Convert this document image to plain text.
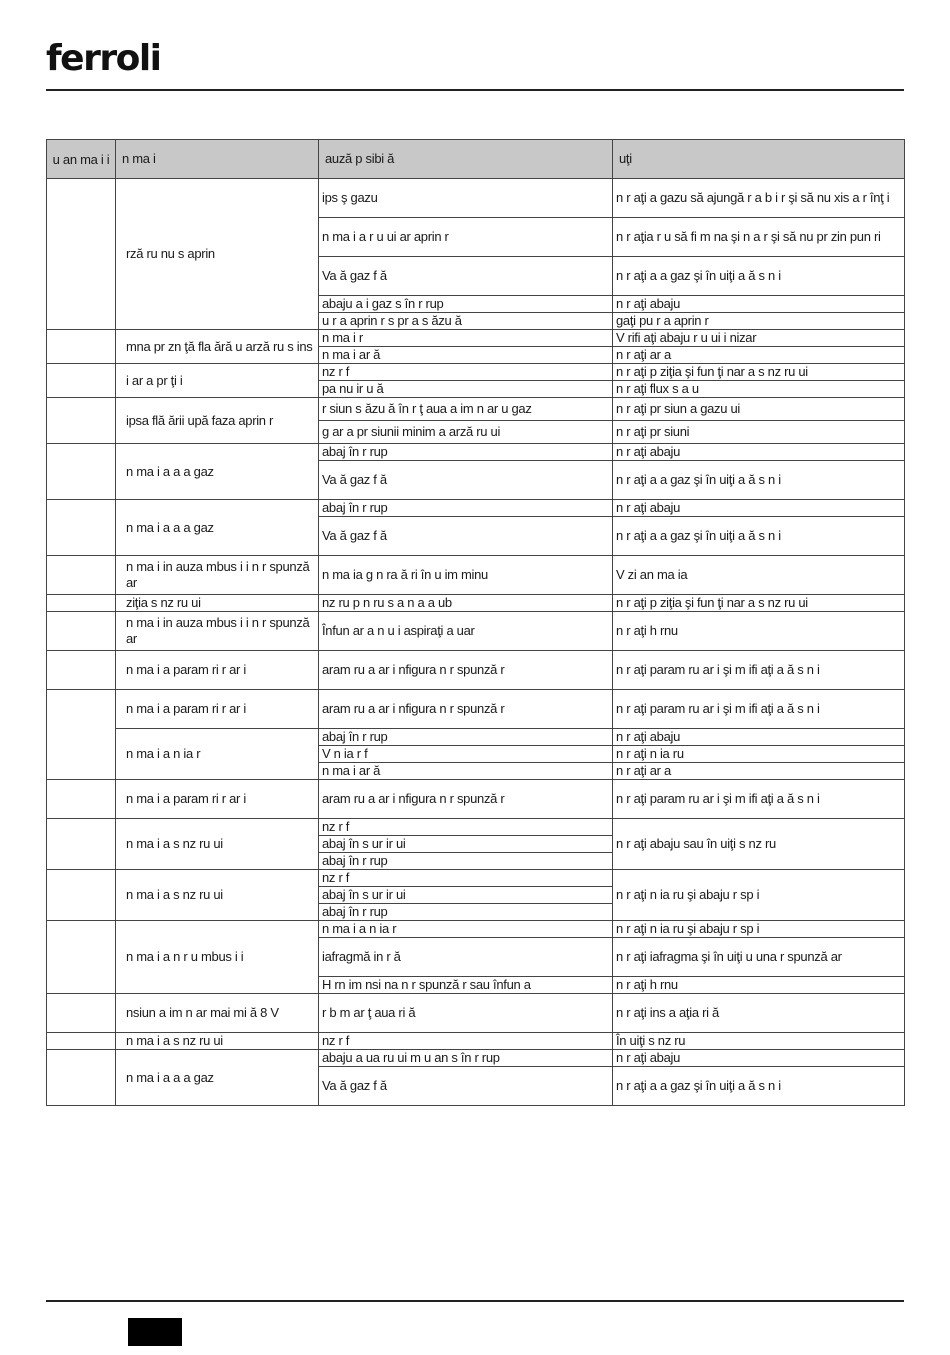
ferroli
u an ma i i	n ma i	auză p sibi ă	uţi
	rză ru nu s aprin	ips ş gazu	n r aţi a gazu să ajungă r a b i r şi să nu xis a r înţ i
		n ma i a r u ui ar aprin r	n r aţia r u să fi m na şi n a r şi să nu pr zin pun ri
		Va ă gaz f ă	n r aţi a a gaz şi în uiţi a ă s n i
		abaju a i gaz s în r rup	n r aţi abaju
		u r a aprin r s pr a s ăzu ă	gaţi pu r a aprin r
	mna pr zn ţă fla ără u arză ru s ins	n ma i r	V rifi aţi abaju r u ui i nizar
		n ma i ar ă	n r aţi ar a
	i ar a pr ţi i	nz r f	n r aţi p ziţia şi fun ţi nar a s nz ru ui
		pa nu ir u ă	n r aţi flux s a u
	ipsa flă ării upă faza aprin r	r siun s ăzu ă în r ţ aua a im n ar u gaz	n r aţi pr siun a gazu ui
		g ar a pr siunii minim a arză ru ui	n r aţi pr siuni
	n ma i a a a gaz	abaj în r rup	n r aţi abaju
		Va ă gaz f ă	n r aţi a a gaz şi în uiţi a ă s n i
	n ma i a a a gaz	abaj în r rup	n r aţi abaju
		Va ă gaz f ă	n r aţi a a gaz şi în uiţi a ă s n i
	n ma i in auza mbus i i n r spunză ar	n ma ia g n ra ă ri în u im minu	V zi an ma ia
	ziţia s nz ru ui	nz ru p n ru s a n a a ub	n r aţi p ziţia şi fun ţi nar a s nz ru ui
	n ma i in auza mbus i i n r spunză ar	Înfun ar a n u i aspiraţi a uar	n r aţi h rnu
	n ma i a param ri r ar i	aram ru a ar i nfigura n r spunză r	n r aţi param ru ar i şi m ifi aţi a ă s n i
	n ma i a param ri r ar i	aram ru a ar i nfigura n r spunză r	n r aţi param ru ar i şi m ifi aţi a ă s n i
	n ma i a n ia r	abaj în r rup	n r aţi abaju
		V n ia r f	n r aţi n ia ru
		n ma i ar ă	n r aţi ar a
	n ma i a param ri r ar i	aram ru a ar i nfigura n r spunză r	n r aţi param ru ar i şi m ifi aţi a ă s n i
	n ma i a s nz ru ui	nz r f	n r aţi abaju sau în uiţi s nz ru
		abaj în s ur ir ui	
		abaj în r rup	
	n ma i a s nz ru ui	nz r f	n r aţi n ia ru şi abaju r sp i
		abaj în s ur ir ui	
		abaj în r rup	
	n ma i a n r u mbus i i	n ma i a n ia r	n r aţi n ia ru şi abaju r sp i
		iafragmă in r ă	n r aţi iafragma şi în uiţi u una r spunză ar
		H rn im nsi na n r spunză r sau înfun a	n r aţi h rnu
	nsiun a im n ar mai mi ă 8 V	r b m ar ţ aua ri ă	n r aţi ins a aţia ri ă
	n ma i a s nz ru ui	nz r f	În uiţi s nz ru
	n ma i a a a gaz	abaju a ua ru ui m u an s în r rup	n r aţi abaju
		Va ă gaz f ă	n r aţi a a gaz şi în uiţi a ă s n i
